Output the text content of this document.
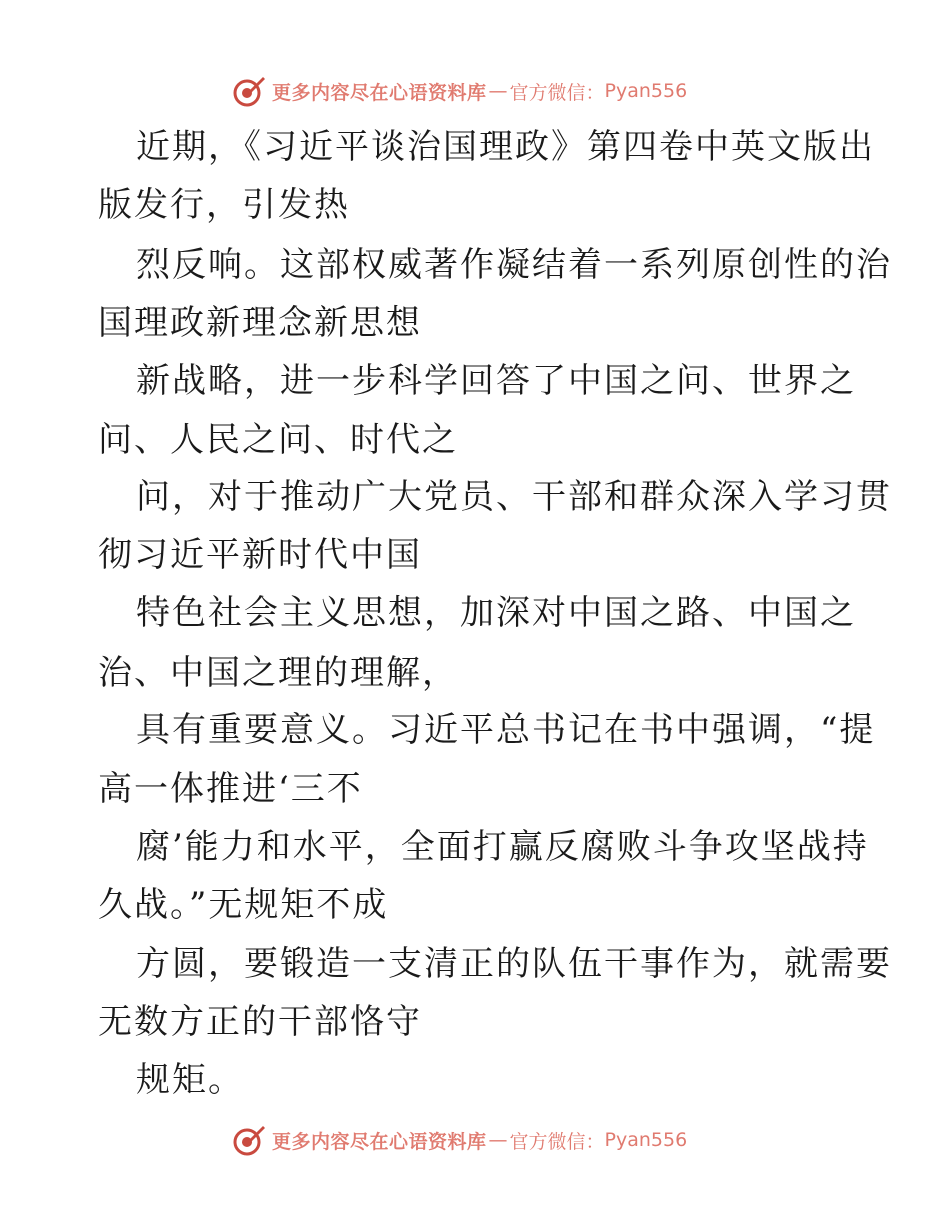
更多内容尽在心语资料库 — 官方微信： Pyan556
近期，《习近平谈治国理政》第四卷中英文版出
版发行，引发热
烈反响。这部权威著作凝结着一系列原创性的治
国理政新理念新思想
新战略，进一步科学回答了中国之问、世界之
问、人民之问、时代之
问，对于推动广大党员、干部和群众深入学习贯
彻习近平新时代中国
特色社会主义思想，加深对中国之路、中国之
治、中国之理的理解，
具有重要意义。习近平总书记在书中强调，“提
高一体推进‘三不
腐’能力和水平，全面打赢反腐败斗争攻坚战持
久战。”无规矩不成
方圆，要锻造一支清正的队伍干事作为，就需要
无数方正的干部恪守
规矩。
更多内容尽在心语资料库 — 官方微信： Pyan556
